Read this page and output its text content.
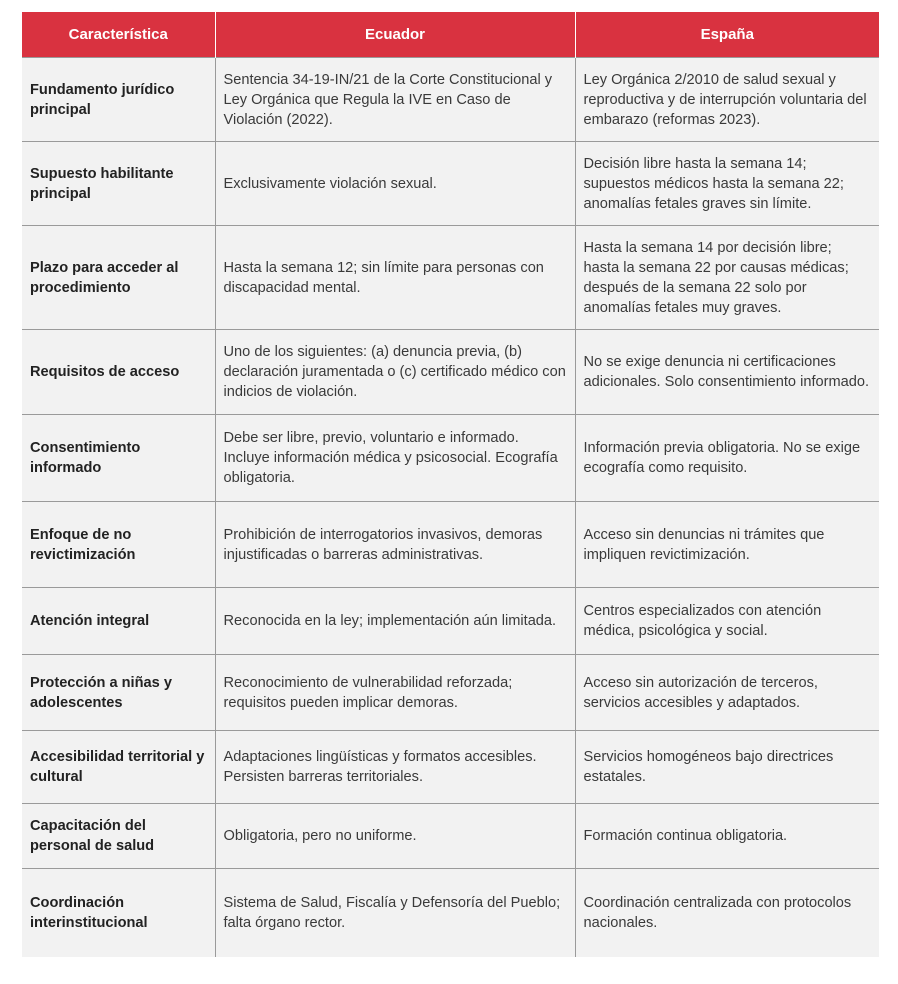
Característica	Ecuador	España
Fundamento jurídico principal	Sentencia 34-19-IN/21 de la Corte Constitucional y Ley Orgánica que Regula la IVE en Caso de Violación (2022).	Ley Orgánica 2/2010 de salud sexual y reproductiva y de interrupción voluntaria del embarazo (reformas 2023).
Supuesto habilitante principal	Exclusivamente violación sexual.	Decisión libre hasta la semana 14; supuestos médicos hasta la semana 22; anomalías fetales graves sin límite.
Plazo para acceder al procedimiento	Hasta la semana 12; sin límite para personas con discapacidad mental.	Hasta la semana 14 por decisión libre; hasta la semana 22 por causas médicas; después de la semana 22 solo por anomalías fetales muy graves.
Requisitos de acceso	Uno de los siguientes: (a) denuncia previa, (b) declaración juramentada o (c) certificado médico con indicios de violación.	No se exige denuncia ni certificaciones adicionales. Solo consentimiento informado.
Consentimiento informado	Debe ser libre, previo, voluntario e informado. Incluye información médica y psicosocial. Ecografía obligatoria.	Información previa obligatoria. No se exige ecografía como requisito.
Enfoque de no revictimización	Prohibición de interrogatorios invasivos, demoras injustificadas o barreras administrativas.	Acceso sin denuncias ni trámites que impliquen revictimización.
Atención integral	Reconocida en la ley; implementación aún limitada.	Centros especializados con atención médica, psicológica y social.
Protección a niñas y adolescentes	Reconocimiento de vulnerabilidad reforzada; requisitos pueden implicar demoras.	Acceso sin autorización de terceros, servicios accesibles y adaptados.
Accesibilidad territorial y cultural	Adaptaciones lingüísticas y formatos accesibles. Persisten barreras territoriales.	Servicios homogéneos bajo directrices estatales.
Capacitación del personal de salud	Obligatoria, pero no uniforme.	Formación continua obligatoria.
Coordinación interinstitucional	Sistema de Salud, Fiscalía y Defensoría del Pueblo; falta órgano rector.	Coordinación centralizada con protocolos nacionales.
